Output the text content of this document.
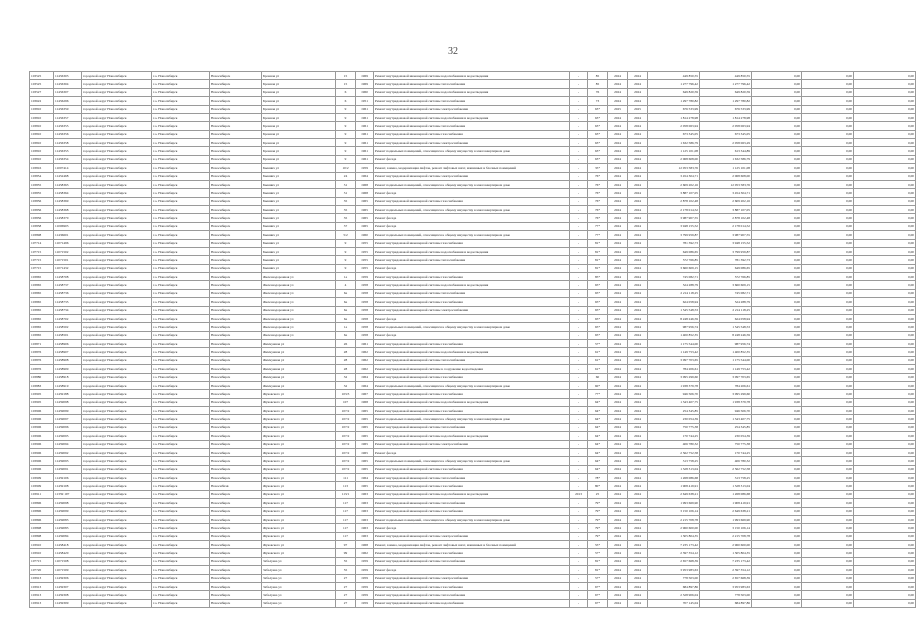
32
103525	11456303	городской округ Новосибирск	г.о. Новосибирск	Новосибирск	Бронная ул	15	1969	Ремонт внутридомовой инженерной системы водоснабжения и водоотведения	-	85	2024	2024	449 850,55	449 850,55	0,00	0,00	0,00
103525	11456304	городской округ Новосибирск	г.о. Новосибирск	Новосибирск	Бронная ул	15	1969	Ремонт внутридомовой инженерной системы теплоснабжения	-	85	2024	2024	1 277 796,42	1 277 796,42	0,00	0,00	0,00
103527	11456307	городской округ Новосибирск	г.о. Новосибирск	Новосибирск	Бронная ул	6	1960	Ремонт внутридомовой инженерной системы водоснабжения и водоотведения	-	76	2024	2024	649 820,59	649 820,59	0,00	0,00	0,00
103622	11456296	городской округ Новосибирск	г.о. Новосибирск	Новосибирск	Бронная ул	6	1951	Ремонт внутридомовой инженерной системы теплоснабжения	-	73	2024	2024	1 297 780,82	1 297 780,82	0,00	0,00	0,00
103810	11456359	городской округ Новосибирск	г.о. Новосибирск	Новосибирск	Бронная ул	9	1961	Ремонт внутридомовой инженерной системы электроснабжения	-	63*	2025	2025	676 533,99	676 533,99	0,00	0,00	0,00
103810	11456357	городской округ Новосибирск	г.о. Новосибирск	Новосибирск	Бронная ул	9	1961	Ремонт внутридомовой инженерной системы водоснабжения и водоотведения	-	63*	2024	2024	1 814 278,98	1 814 278,98	0,00	0,00	0,00
103810	11456355	городской округ Новосибирск	г.о. Новосибирск	Новосибирск	Бронная ул	9	1961	Ремонт внутридомовой инженерной системы теплоснабжения	-	63*	2024	2024	2 058 063,94	2 058 063,94	0,00	0,00	0,00
103810	11456356	городской округ Новосибирск	г.о. Новосибирск	Новосибирск	Бронная ул	9	1961	Ремонт внутридомовой инженерной системы газоснабжения	-	63*	2024	2024	673 345,05	673 345,05	0,00	0,00	0,00
103810	11456358	городской округ Новосибирск	г.о. Новосибирск	Новосибирск	Бронная ул	9	1961	Ремонт внутридомовой инженерной системы электроснабжения	-	63*	2024	2024	1 632 586,79	2 058 063,29	0,00	0,00	0,00
103810	11456353	городской округ Новосибирск	г.о. Новосибирск	Новосибирск	Бронная ул	9	1961	Ремонт подвальных помещений, относящихся к общему имуществу в многоквартирном доме	-	63*	2024	2024	1 125 101,08	613 344,89	0,00	0,00	0,00
103810	11456354	городской округ Новосибирск	г.о. Новосибирск	Новосибирск	Бронная ул	9	1961	Ремонт фасада	-	63*	2024	2024	2 068 608,00	1 632 586,79	0,00	0,00	0,00
103816	11007414	городской округ Новосибирск	г.о. Новосибирск	Новосибирск	Бывших ул	10/2	1959	Ремонт, замена, модернизация лифтов, ремонт лифтовых шахт, машинных и блочных помещений	-	35*	2024	2024	12 053 583,76	1 125 101,08	0,00	0,00	0,00
103854	11452468	городской округ Новосибирск	г.о. Новосибирск	Новосибирск	Бывших ул	24	1964	Ремонт внутридомовой инженерной системы электроснабжения	-	76*	2024	2024	3 454 304,71	2 068 608,00	0,00	0,00	0,00
103855	11458363	городской округ Новосибирск	г.о. Новосибирск	Новосибирск	Бывших ул	31	1968	Ремонт подвальных помещений, относящихся к общему имуществу в многоквартирном доме	-	76*	2024	2024	2 609 202,16	12 053 583,76	0,00	0,00	0,00
103855	11458364	городской округ Новосибирск	г.о. Новосибирск	Новосибирск	Бывших ул	31	1968	Ремонт фасада	-	76*	2024	2024	3 887 107,05	3 454 304,71	0,00	0,00	0,00
103856	11458369	городской округ Новосибирск	г.о. Новосибирск	Новосибирск	Бывших ул	35	1965	Ремонт внутридомовой инженерной системы газоснабжения	-	76*	2024	2024	2 878 102,48	2 609 202,16	0,00	0,00	0,00
103856	11458368	городской округ Новосибирск	г.о. Новосибирск	Новосибирск	Бывших ул	35	1965	Ремонт подвальных помещений, относящихся к общему имуществу в многоквартирном доме	-	76*	2024	2024	2 178 014,52	3 887 107,05	0,00	0,00	0,00
103856	11458370	городской округ Новосибирск	г.о. Новосибирск	Новосибирск	Бывших ул	35	1965	Ремонт фасада	-	76*	2024	2024	3 987 907,55	2 878 102,48	0,00	0,00	0,00
103858	11006903	городской округ Новосибирск	г.о. Новосибирск	Новосибирск	Бывших ул	37	1965	Ремонт фасада	-	77*	2024	2024	3 948 155,52	2 178 014,52	0,00	0,00	0,00
103898	11436601	городской округ Новосибирск	г.о. Новосибирск	Новосибирск	Бывших ул	5/2	1960	Ремонт подвальных помещений, относящихся к общему имуществу в многоквартирном доме	-	77*	2024	2024	3 799 959,87	3 987 907,55	0,00	0,00	0,00
107714	11071496	городской округ Новосибирск	г.о. Новосибирск	Новосибирск	Бывших ул	9	1955	Ремонт внутридомовой инженерной системы газоснабжения	-	81*	2024	2024	781 392,73	3 948 155,52	0,00	0,00	0,00
107715	11071502	городской округ Новосибирск	г.о. Новосибирск	Новосибирск	Бывших ул	9	1955	Ремонт внутридомовой инженерной системы водоснабжения и водоотведения	-	81*	2024	2024	649 086,65	3 799 959,87	0,00	0,00	0,00
107715	11071501	городской округ Новосибирск	г.о. Новосибирск	Новосибирск	Бывших ул	9	1955	Ремонт внутридомовой инженерной системы теплоснабжения	-	81*	2024	2024	572 766,85	781 392,73	0,00	0,00	0,00
107715	11071432	городской округ Новосибирск	г.о. Новосибирск	Новосибирск	Бывших ул	9	1955	Ремонт фасада	-	81*	2024	2024	3 660 609,15	649 086,65	0,00	0,00	0,00
103865	11458708	городской округ Новосибирск	г.о. Новосибирск	Новосибирск	Железнодорожная ул	1а	1959	Ремонт внутридомовой инженерной системы газоснабжения	-	85*	2024	2024	745 082,71	572 766,85	0,00	0,00	0,00
103865	11458737	городской округ Новосибирск	г.о. Новосибирск	Новосибирск	Железнодорожная ул	4	1958	Ремонт внутридомовой инженерной системы водоснабжения и водоотведения	-	65*	2024	2024	524 288,79	3 660 609,15	0,00	0,00	0,00
103865	11458736	городской округ Новосибирск	г.о. Новосибирск	Новосибирск	Железнодорожная ул	6а	1958	Ремонт внутридомовой инженерной системы теплоснабжения	-	65*	2024	2024	2 214 118,25	745 082,71	0,00	0,00	0,00
103865	11458735	городской округ Новосибирск	г.о. Новосибирск	Новосибирск	Железнодорожная ул	6а	1958	Ремонт внутридомовой инженерной системы газоснабжения	-	65*	2024	2024	624 058,94	524 288,79	0,00	0,00	0,00
103865	11458734	городской округ Новосибирск	г.о. Новосибирск	Новосибирск	Железнодорожная ул	6а	1958	Ремонт внутридомовой инженерной системы электроснабжения	-	65*	2024	2024	1 545 548,53	2 214 118,25	0,00	0,00	0,00
103865	11458702	городской округ Новосибирск	г.о. Новосибирск	Новосибирск	Железнодорожная ул	6а	1958	Ремонт фасада	-	65*	2024	2024	8 248 246,59	624 058,94	0,00	0,00	0,00
103865	11458502	городской округ Новосибирск	г.о. Новосибирск	Новосибирск	Железнодорожная ул	1а	1958	Ремонт подвальных помещений, относящихся к общему имуществу в многоквартирном доме	-	65*	2024	2024	987 956,74	1 545 548,53	0,00	0,00	0,00
103865	11458501	городской округ Новосибирск	г.о. Новосибирск	Новосибирск	Железнодорожная ул	6а	1958	Ремонт фасада	-	65*	2024	2024	1 400 852,35	8 248 246,59	0,00	0,00	0,00
103871	11458906	городской округ Новосибирск	г.о. Новосибирск	Новосибирск	Жемчужная ул	26	1961	Ремонт внутридомовой инженерной системы газоснабжения	-	57*	2024	2024	1 175 544,00	987 956,74	0,00	0,00	0,00
103876	11458907	городской округ Новосибирск	г.о. Новосибирск	Новосибирск	Жемчужная ул	28	1962	Ремонт внутридомовой инженерной системы водоснабжения и водоотведения	-	61*	2024	2024	1 149 753,42	1 400 852,35	0,00	0,00	0,00
103876	11458908	городской округ Новосибирск	г.о. Новосибирск	Новосибирск	Жемчужная ул	28	1962	Ремонт внутридомовой инженерной системы теплоснабжения	-	61*	2024	2024	3 097 703,65	1 175 544,00	0,00	0,00	0,00
103876	11458909	городской округ Новосибирск	г.о. Новосибирск	Новосибирск	Жемчужная ул	28	1962	Ремонт внутридомовой инженерной системы в сооружение водоотведения	-	61*	2024	2024	784 206,61	1 149 753,42	0,00	0,00	0,00
103880	11458918	городской округ Новосибирск	г.о. Новосибирск	Новосибирск	Жемчужная ул	32	1964	Ремонт внутридомовой инженерной системы газоснабжения	-	60	2024	2024	3 095 299,60	3 097 703,65	0,00	0,00	0,00
103883	11458919	городской округ Новосибирск	г.о. Новосибирск	Новосибирск	Жемчужная ул	32	1964	Ремонт подвальных помещений, относящихся к общему имуществу в многоквартирном доме	-	60*	2024	2024	1 938 379,78	784 206,61	0,00	0,00	0,00
103905	11459188	городской округ Новосибирск	г.о. Новосибирск	Новосибирск	Жуковского ул	103/3	1967	Ремонт внутридомовой инженерной системы газоснабжения	-	77*	2024	2024	946 506,70	3 095 299,60	0,00	0,00	0,00
103905	11459098	городской округ Новосибирск	г.о. Новосибирск	Новосибирск	Жуковского ул	107	1968	Ремонт внутридомовой инженерной системы водоснабжения и водоотведения	-	64*	2024	2024	1 343 407,75	1 938 379,78	0,00	0,00	0,00
103906	11459099	городской округ Новосибирск	г.о. Новосибирск	Новосибирск	Жуковского ул	107/2	1965	Ремонт внутридомовой инженерной системы газоснабжения	-	64*	2024	2024	254 345,85	946 506,70	0,00	0,00	0,00
103906	11459097	городской округ Новосибирск	г.о. Новосибирск	Новосибирск	Жуковского ул	107/2	1965	Ремонт подвальных помещений, относящихся к общему имуществу в многоквартирном доме	-	64*	2024	2024	230 054,39	1 343 407,75	0,00	0,00	0,00
103906	11459096	городской округ Новосибирск	г.о. Новосибирск	Новосибирск	Жуковского ул	107/2	1965	Ремонт внутридомовой инженерной системы теплоснабжения	-	64*	2024	2024	750 775,38	254 345,85	0,00	0,00	0,00
103906	11459095	городской округ Новосибирск	г.о. Новосибирск	Новосибирск	Жуковского ул	107/2	1965	Ремонт внутридомовой инженерной системы водоснабжения и водоотведения	-	64*	2024	2024	170 744,25	230 054,39	0,00	0,00	0,00
103906	11459094	городской округ Новосибирск	г.о. Новосибирск	Новосибирск	Жуковского ул	107/2	1965	Ремонт внутридомовой инженерной системы электроснабжения	-	64*	2024	2024	406 780,32	750 775,38	0,00	0,00	0,00
103906	11459092	городской округ Новосибирск	г.о. Новосибирск	Новосибирск	Жуковского ул	107/2	1965	Ремонт фасада	-	64*	2024	2024	2 562 752,58	170 744,25	0,00	0,00	0,00
103906	11459093	городской округ Новосибирск	г.о. Новосибирск	Новосибирск	Жуковского ул	107/2	1965	Ремонт подвальных помещений, относящихся к общему имуществу в многоквартирном доме	-	64*	2024	2024	313 758,25	406 780,32	0,00	0,00	0,00
103906	11459091	городской округ Новосибирск	г.о. Новосибирск	Новосибирск	Жуковского ул	107/2	1965	Ремонт внутридомовой инженерной системы газоснабжения	-	64*	2024	2024	1 328 313,04	2 562 752,58	0,00	0,00	0,00
103909	11459106	городской округ Новосибирск	г.о. Новосибирск	Новосибирск	Жуковского ул	111	1964	Ремонт внутридомовой инженерной системы теплоснабжения	-	78*	2024	2024	1 268 086,68	313 758,25	0,00	0,00	0,00
103909	11459108	городской округ Новосибирск	г.о. Новосибирск	Новосибirsk	Жуковского ул	113	1965	Ремонт внутридомовой инженерной системы газоснабжения	-	80*	2024	2024	1 908 419,91	1 328 313,04	0,00	0,00	0,00
103911	11359 197	городской округ Новосибирск	г.о. Новосибирск	Новосибирск	Жуковского ул	113/1	1963	Ремонт внутридомовой инженерной системы водоснабжения и водоотведения	2013	25	2024	2024	2 649 638,21	1 268 086,68	0,00	0,00	0,00
103896	11459098	городской округ Новосибирск	г.о. Новосибирск	Новосибирск	Жуковского ул	117	1963	Ремонт внутридомовой инженерной системы теплоснабжения	-	79*	2024	2024	1 993 669,90	1 908 419,91	0,00	0,00	0,00
103896	11459099	городской округ Новосибирск	г.о. Новосибирск	Новосибирск	Жуковского ул	117	1963	Ремонт внутридомовой инженерной системы газоснабжения	-	79*	2024	2024	3 150 106,14	2 649 638,21	0,00	0,00	0,00
103896	11459083	городской округ Новосибирск	г.о. Новосибирск	Новосибирск	Жуковского ул	117	1963	Ремонт подвальных помещений, относящихся к общему имуществу в многоквартирном доме	-	79*	2024	2024	2 215 708,78	1 993 669,90	0,00	0,00	0,00
103898	11459083	городской округ Новосибирск	г.о. Новосибирск	Новосибирск	Жуковского ул	117	1963	Ремонт фасада	-	79*	2024	2024	2 960 600,00	3 150 106,14	0,00	0,00	0,00
103898	11459084	городской округ Новосибирск	г.о. Новосибирск	Новосибирск	Жуковского ул	117	1963	Ремонт внутридомовой инженерной системы электроснабжения	-	79*	2024	2024	1 305 804,35	2 215 708,78	0,00	0,00	0,00
103910	11458418	городской округ Новосибирск	г.о. Новосибирск	Новосибирск	Жуковского ул	97	1968	Ремонт, замена, модернизация лифтов, ремонт лифтовых шахт, машинных и блочных помещений	-	55*	2024	2024	7 235 173,42	2 960 600,00	0,00	0,00	0,00
103910	11458420	городской округ Новосибирск	г.о. Новосибирск	Новосибирск	Жуковского ул	99	1962	Ремонт внутридомовой инженерной системы газоснабжения	-	57*	2024	2024	2 397 354,12	1 305 804,35	0,00	0,00	0,00
107715	11071508	городской округ Новосибирск	г.о. Новосибирск	Новосибирск	Забалуева ул	55	1959	Ремонт внутридомовой инженерной системы теплоснабжения	-	81*	2024	2024	2 657 668,39	7 235 173,42	0,00	0,00	0,00
107720	11071509	городской округ Новосибирск	г.о. Новосибирск	Новосибирск	Забалуева ул	55	1959	Ремонт фасада	-	81*	2024	2024	3 953 983,63	2 397 354,12	0,00	0,00	0,00
103913	11459306	городской округ Новосибирск	г.о. Новосибирск	Новосибирск	Забалуева ул	27	1959	Ремонт внутридомовой инженерной системы электроснабжения	-	57*	2024	2024	778 503,00	2 657 668,39	0,00	0,00	0,00
103913	11459307	городской округ Новосибирск	г.о. Новосибирск	Новосибирск	Забалуева ул	27	1959	Ремонт внутридомовой инженерной системы газоснабжения	-	67*	2024	2024	684 897,86	3 953 983,63	0,00	0,00	0,00
103913	11459308	городской округ Новосибирск	г.о. Новосибирск	Новосибирск	Забалуева ул	27	1959	Ремонт внутридомовой инженерной системы теплоснабжения	-	67*	2024	2024	2 328 906,04	778 503,00	0,00	0,00	0,00
103913	11459309	городской округ Новосибирск	г.о. Новосибирск	Новосибирск	Забалуева ул	27	1959	Ремонт внутридомовой инженерной системы водоснабжения	-	67*	2024	2024	707 145,04	684 897,86	0,00	0,00	0,00
